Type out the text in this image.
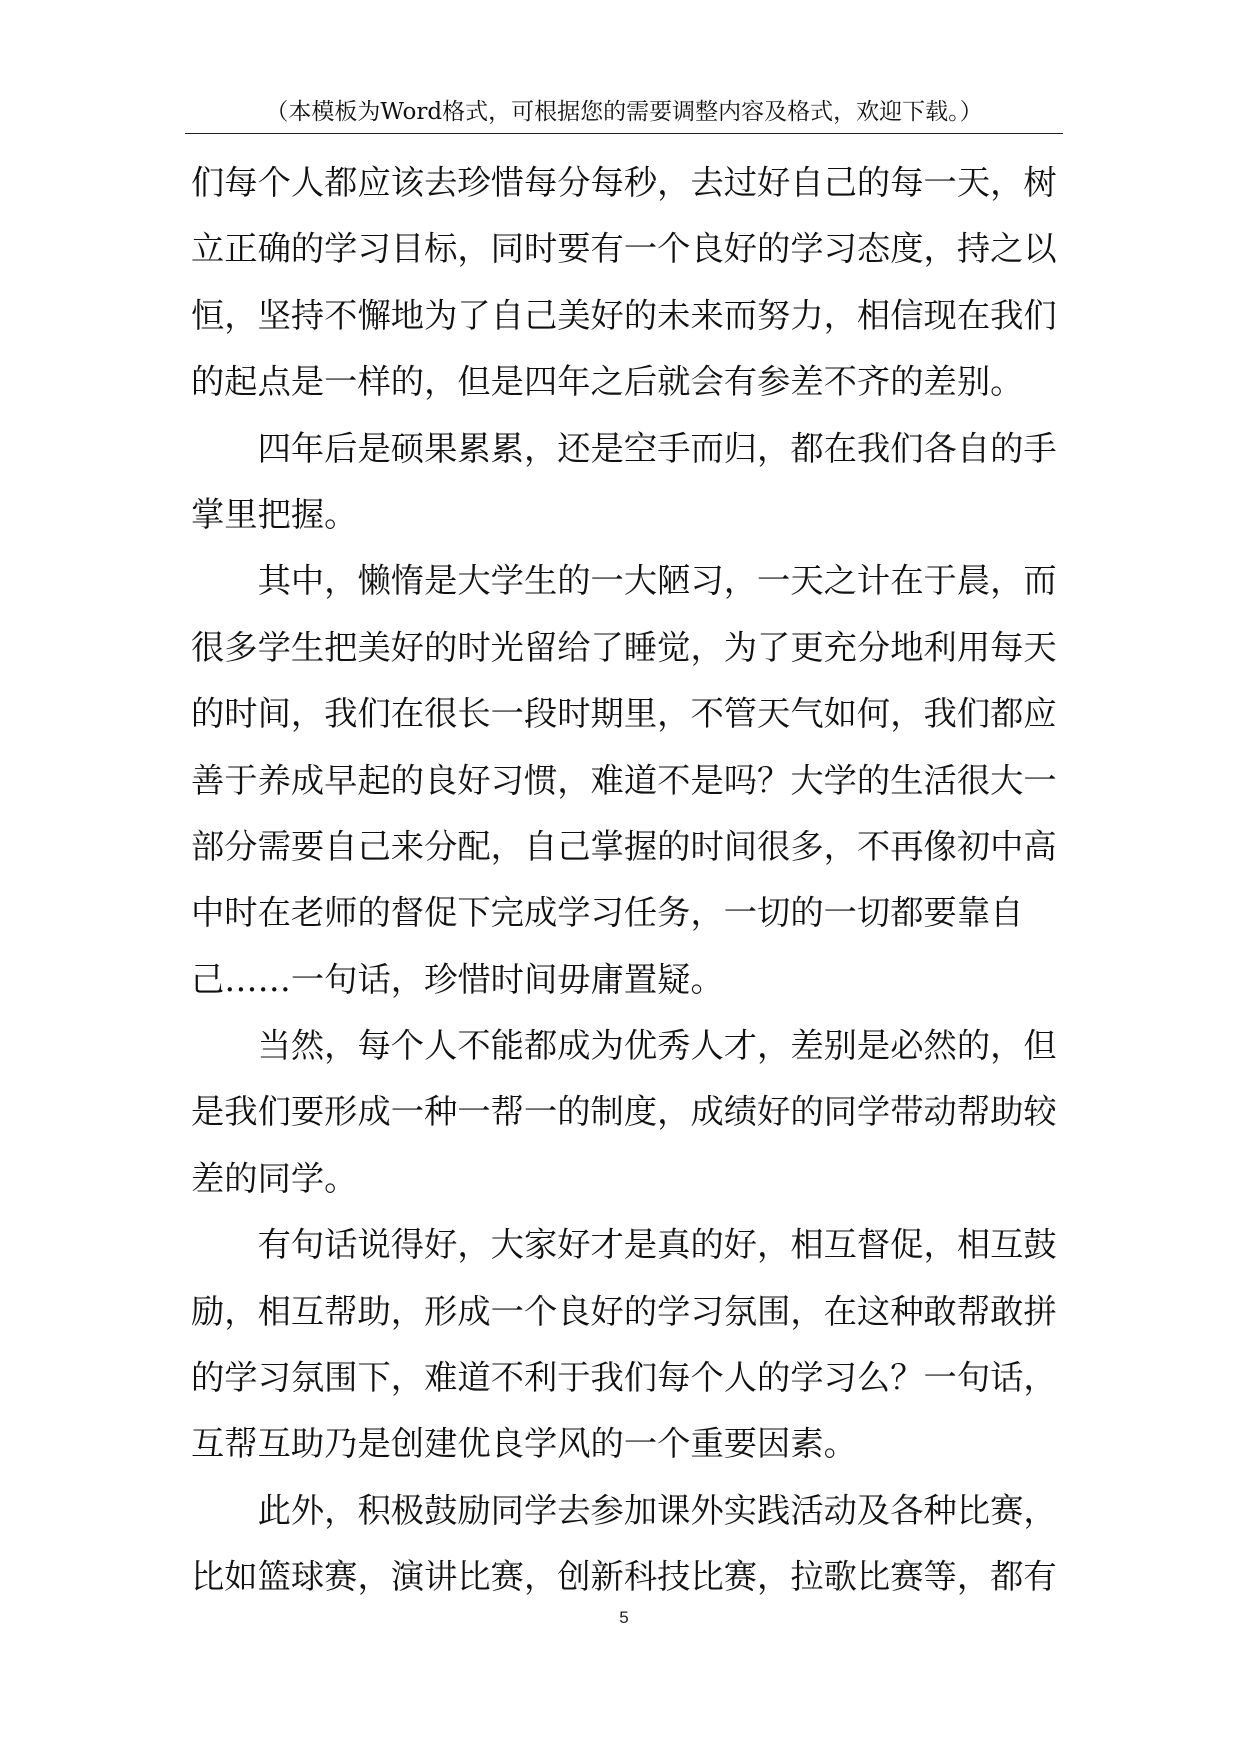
（本模板为Word格式，可根据您的需要调整内容及格式，欢迎下载。）
们每个人都应该去珍惜每分每秒，去过好自己的每一天，树
立正确的学习目标，同时要有一个良好的学习态度，持之以
恒，坚持不懈地为了自己美好的未来而努力，相信现在我们
的起点是一样的，但是四年之后就会有参差不齐的差别。
四年后是硕果累累，还是空手而归，都在我们各自的手
掌里把握。
其中，懒惰是大学生的一大陋习，一天之计在于晨，而
很多学生把美好的时光留给了睡觉，为了更充分地利用每天
的时间，我们在很长一段时期里，不管天气如何，我们都应
善于养成早起的良好习惯，难道不是吗？大学的生活很大一
部分需要自己来分配，自己掌握的时间很多，不再像初中高
中时在老师的督促下完成学习任务，一切的一切都要靠自
己……一句话，珍惜时间毋庸置疑。
当然，每个人不能都成为优秀人才，差别是必然的，但
是我们要形成一种一帮一的制度，成绩好的同学带动帮助较
差的同学。
有句话说得好，大家好才是真的好，相互督促，相互鼓
励，相互帮助，形成一个良好的学习氛围，在这种敢帮敢拼
的学习氛围下，难道不利于我们每个人的学习么？一句话，
互帮互助乃是创建优良学风的一个重要因素。
此外，积极鼓励同学去参加课外实践活动及各种比赛，
比如篮球赛，演讲比赛，创新科技比赛，拉歌比赛等，都有
5
